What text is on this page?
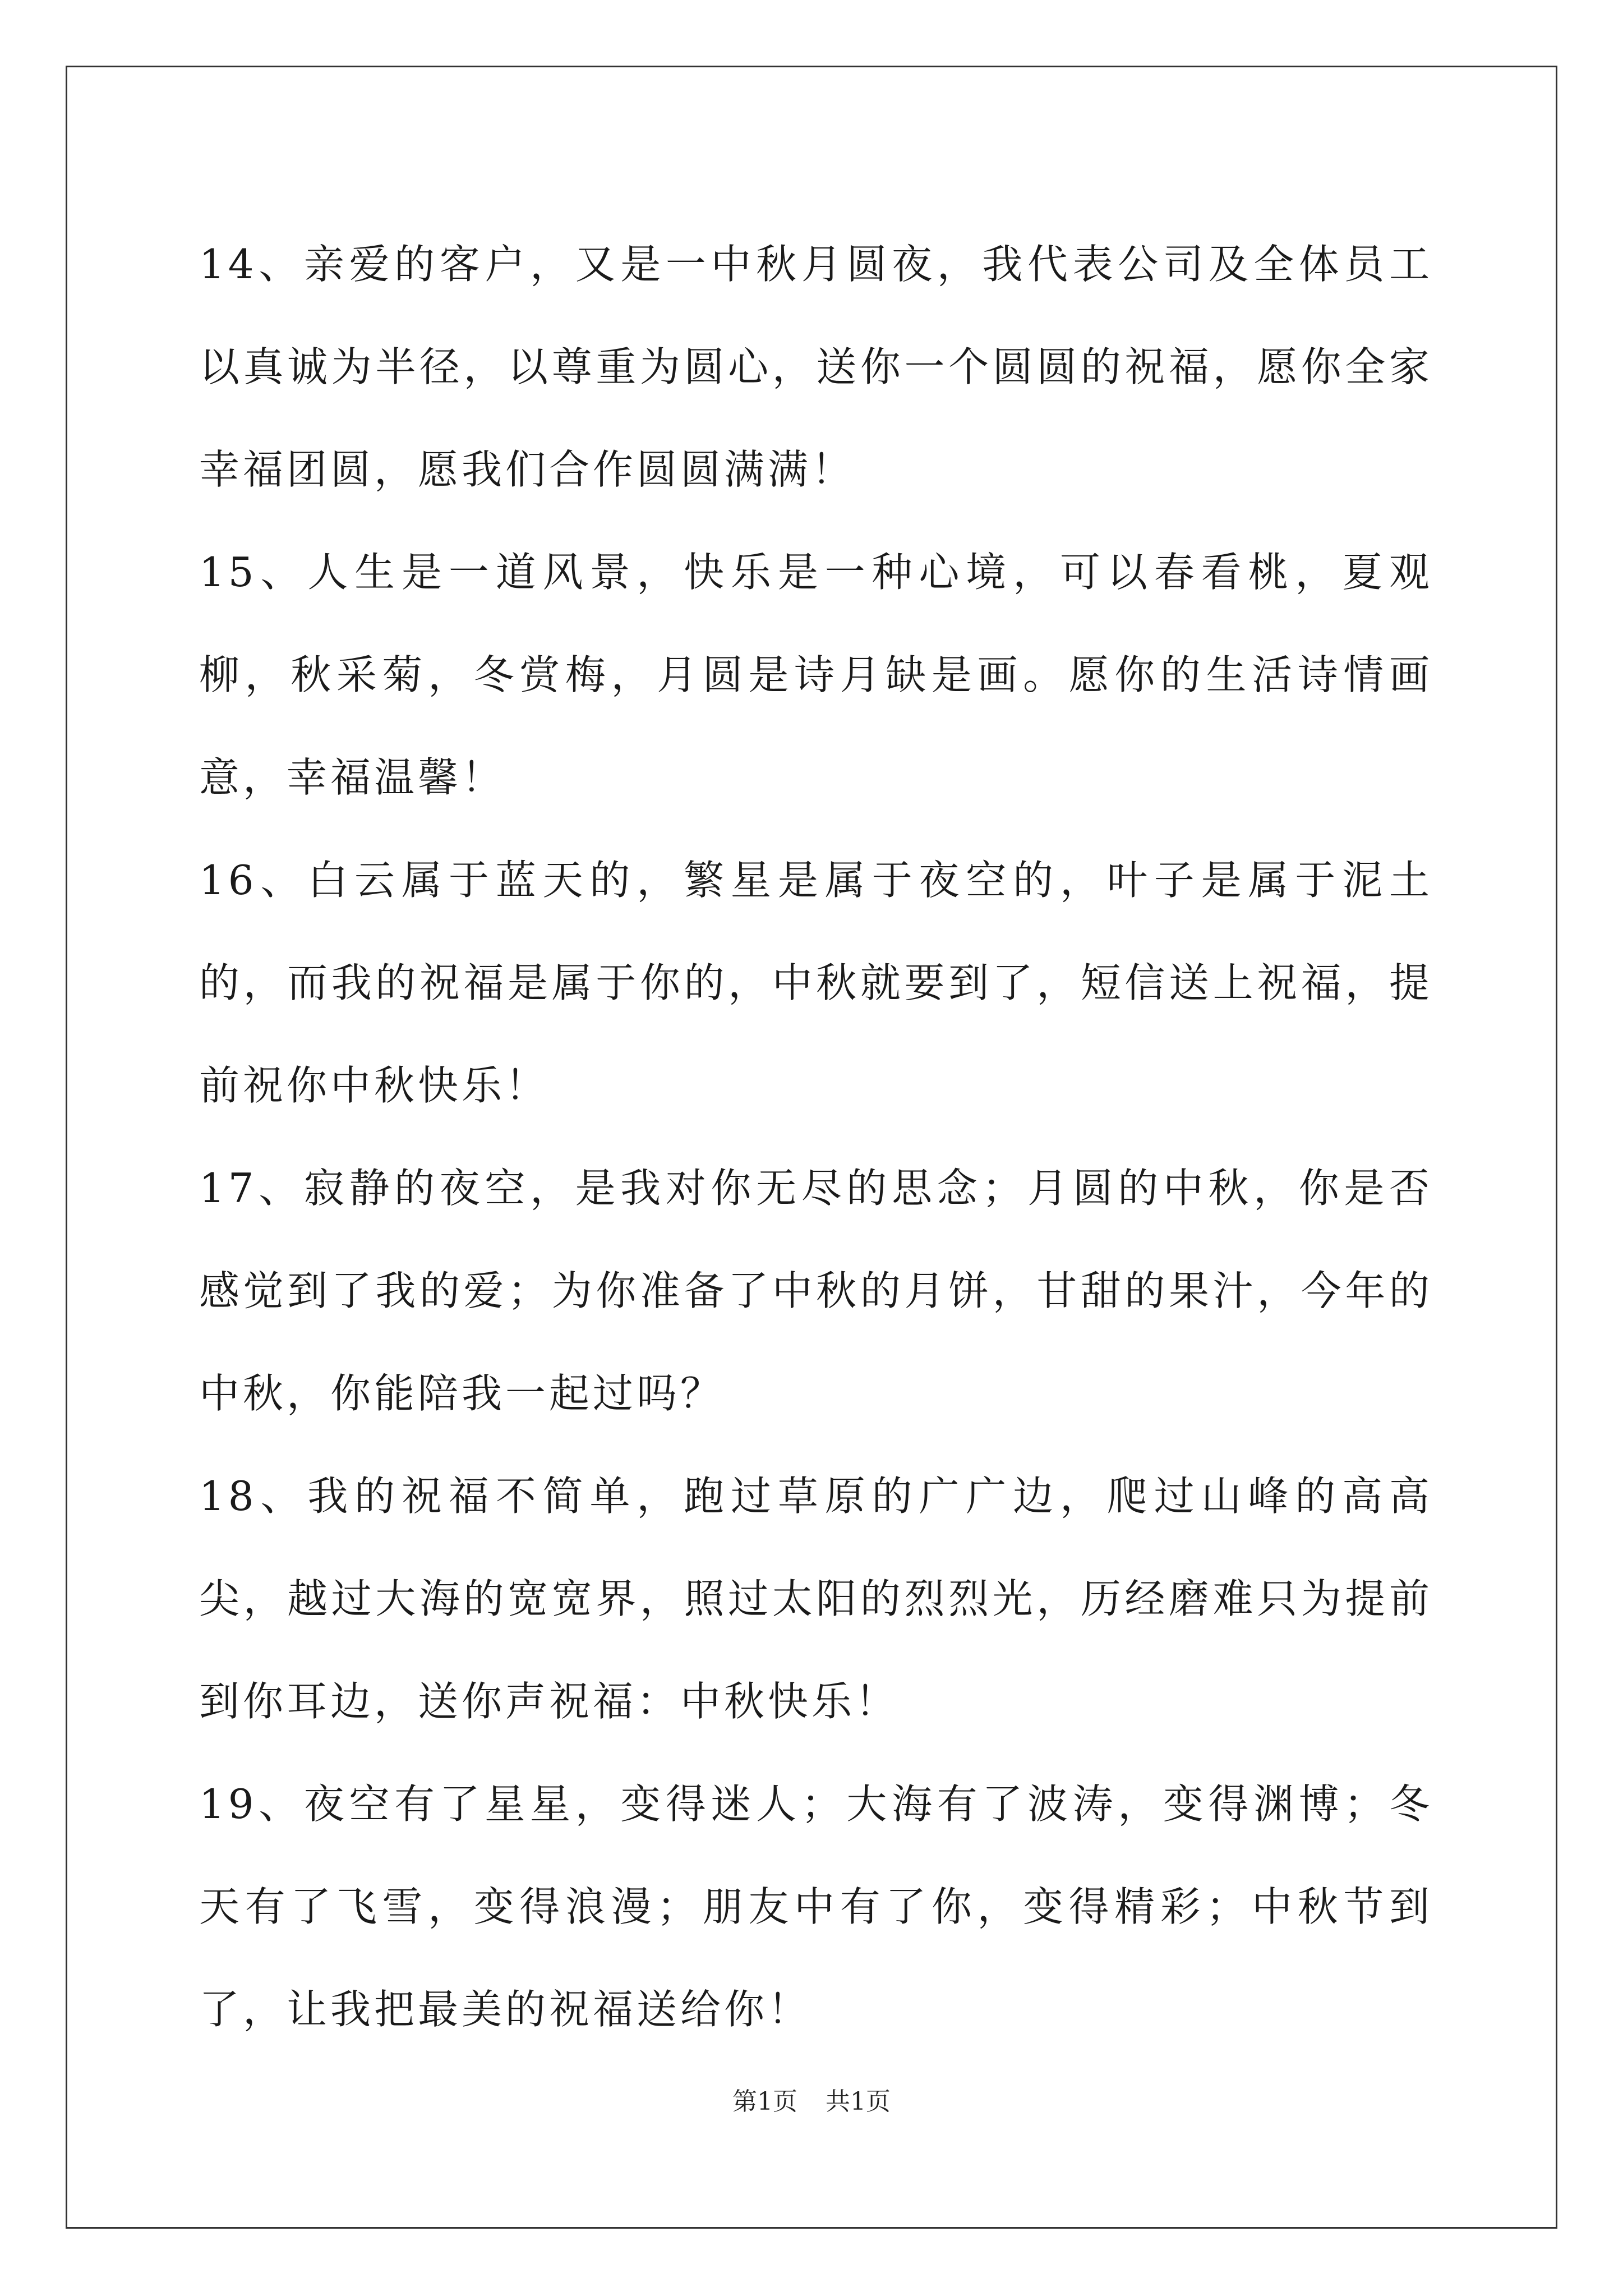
14、亲爱的客户，又是一中秋月圆夜，我代表公司及全体员工以真诚为半径，以尊重为圆心，送你一个圆圆的祝福，愿你全家幸福团圆，愿我们合作圆圆满满！

15、人生是一道风景，快乐是一种心境，可以春看桃，夏观柳，秋采菊，冬赏梅，月圆是诗月缺是画。愿你的生活诗情画意，幸福温馨！

16、白云属于蓝天的，繁星是属于夜空的，叶子是属于泥土的，而我的祝福是属于你的，中秋就要到了，短信送上祝福，提前祝你中秋快乐！

17、寂静的夜空，是我对你无尽的思念；月圆的中秋，你是否感觉到了我的爱；为你准备了中秋的月饼，甘甜的果汁，今年的中秋，你能陪我一起过吗？

18、我的祝福不简单，跑过草原的广广边，爬过山峰的高高尖，越过大海的宽宽界，照过太阳的烈烈光，历经磨难只为提前到你耳边，送你声祝福：中秋快乐！

19、夜空有了星星，变得迷人；大海有了波涛，变得渊博；冬天有了飞雪，变得浪漫；朋友中有了你，变得精彩；中秋节到了，让我把最美的祝福送给你！

第1页 共1页
